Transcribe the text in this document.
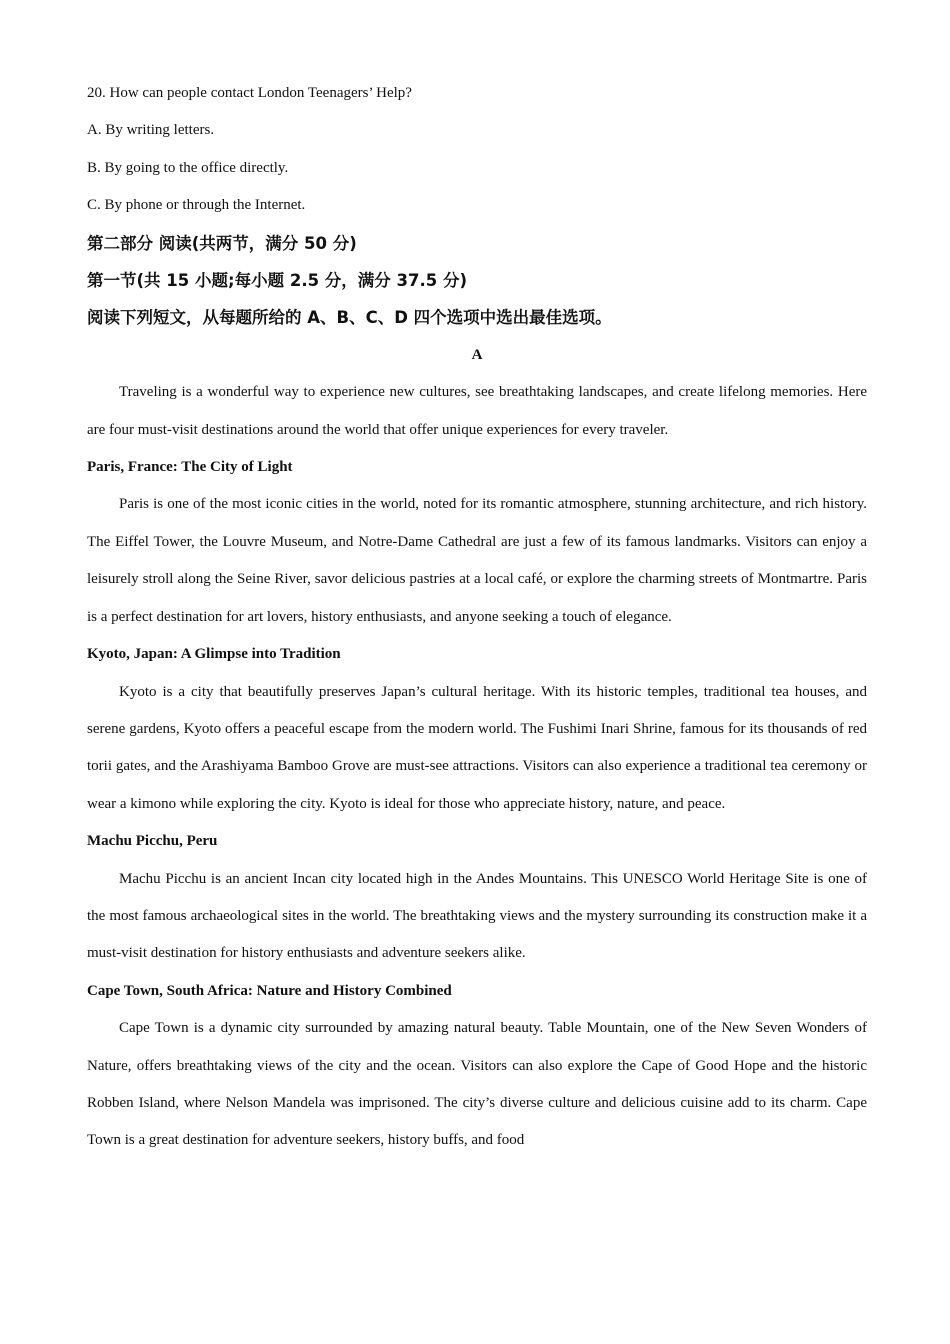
20. How can people contact London Teenagers’ Help?

A. By writing letters.

B. By going to the office directly.

C. By phone or through the Internet.

第二部分 阅读(共两节，满分 50 分)

第一节(共 15 小题;每小题 2.5 分，满分 37.5 分)

阅读下列短文，从每题所给的 A、B、C、D 四个选项中选出最佳选项。

A

Traveling is a wonderful way to experience new cultures, see breathtaking landscapes, and create lifelong memories. Here are four must-visit destinations around the world that offer unique experiences for every traveler.

Paris, France: The City of Light

Paris is one of the most iconic cities in the world, noted for its romantic atmosphere, stunning architecture, and rich history. The Eiffel Tower, the Louvre Museum, and Notre-Dame Cathedral are just a few of its famous landmarks. Visitors can enjoy a leisurely stroll along the Seine River, savor delicious pastries at a local café, or explore the charming streets of Montmartre. Paris is a perfect destination for art lovers, history enthusiasts, and anyone seeking a touch of elegance.

Kyoto, Japan: A Glimpse into Tradition

Kyoto is a city that beautifully preserves Japan’s cultural heritage. With its historic temples, traditional tea houses, and serene gardens, Kyoto offers a peaceful escape from the modern world. The Fushimi Inari Shrine, famous for its thousands of red torii gates, and the Arashiyama Bamboo Grove are must-see attractions. Visitors can also experience a traditional tea ceremony or wear a kimono while exploring the city. Kyoto is ideal for those who appreciate history, nature, and peace.

Machu Picchu, Peru

Machu Picchu is an ancient Incan city located high in the Andes Mountains. This UNESCO World Heritage Site is one of the most famous archaeological sites in the world. The breathtaking views and the mystery surrounding its construction make it a must-visit destination for history enthusiasts and adventure seekers alike.

Cape Town, South Africa: Nature and History Combined

Cape Town is a dynamic city surrounded by amazing natural beauty. Table Mountain, one of the New Seven Wonders of Nature, offers breathtaking views of the city and the ocean. Visitors can also explore the Cape of Good Hope and the historic Robben Island, where Nelson Mandela was imprisoned. The city’s diverse culture and delicious cuisine add to its charm. Cape Town is a great destination for adventure seekers, history buffs, and food
